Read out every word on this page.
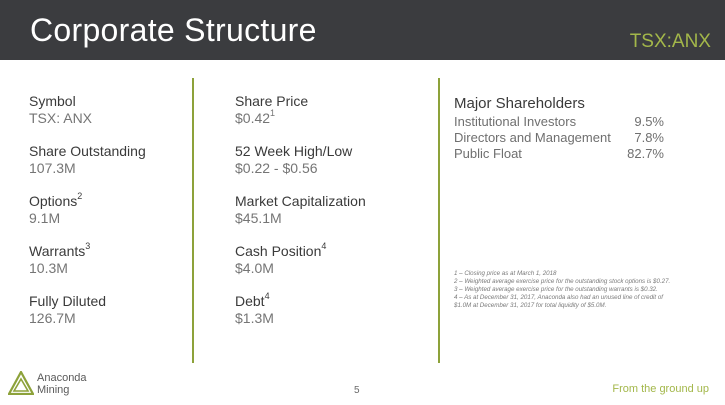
Corporate Structure	TSX:ANX
Symbol
TSX: ANX
Share Outstanding
107.3M
Options$^2$
9.1M
Warrants$^3$
10.3M
Fully Diluted
126.7M
Share Price
$0.42$^1$
52 Week High/Low
$0.22 - $0.56
Market Capitalization
$45.1M
Cash Position$^4$
$4.0M
Debt$^4$
$1.3M
Major Shareholders
Institutional Investors	9.5%
Directors and Management	7.8%
Public Float	82.7%
1 – Closing price as at March 1, 2018
2 – Weighted average exercise price for the outstanding stock options is $0.27.
3 – Weighted average exercise price for the outstanding warrants is $0.32.
4 – As at December 31, 2017, Anaconda also had an unused line of credit of $1.0M at December 31, 2017 for total liquidity of $5.0M.
Anaconda
Mining	5	From the ground up
